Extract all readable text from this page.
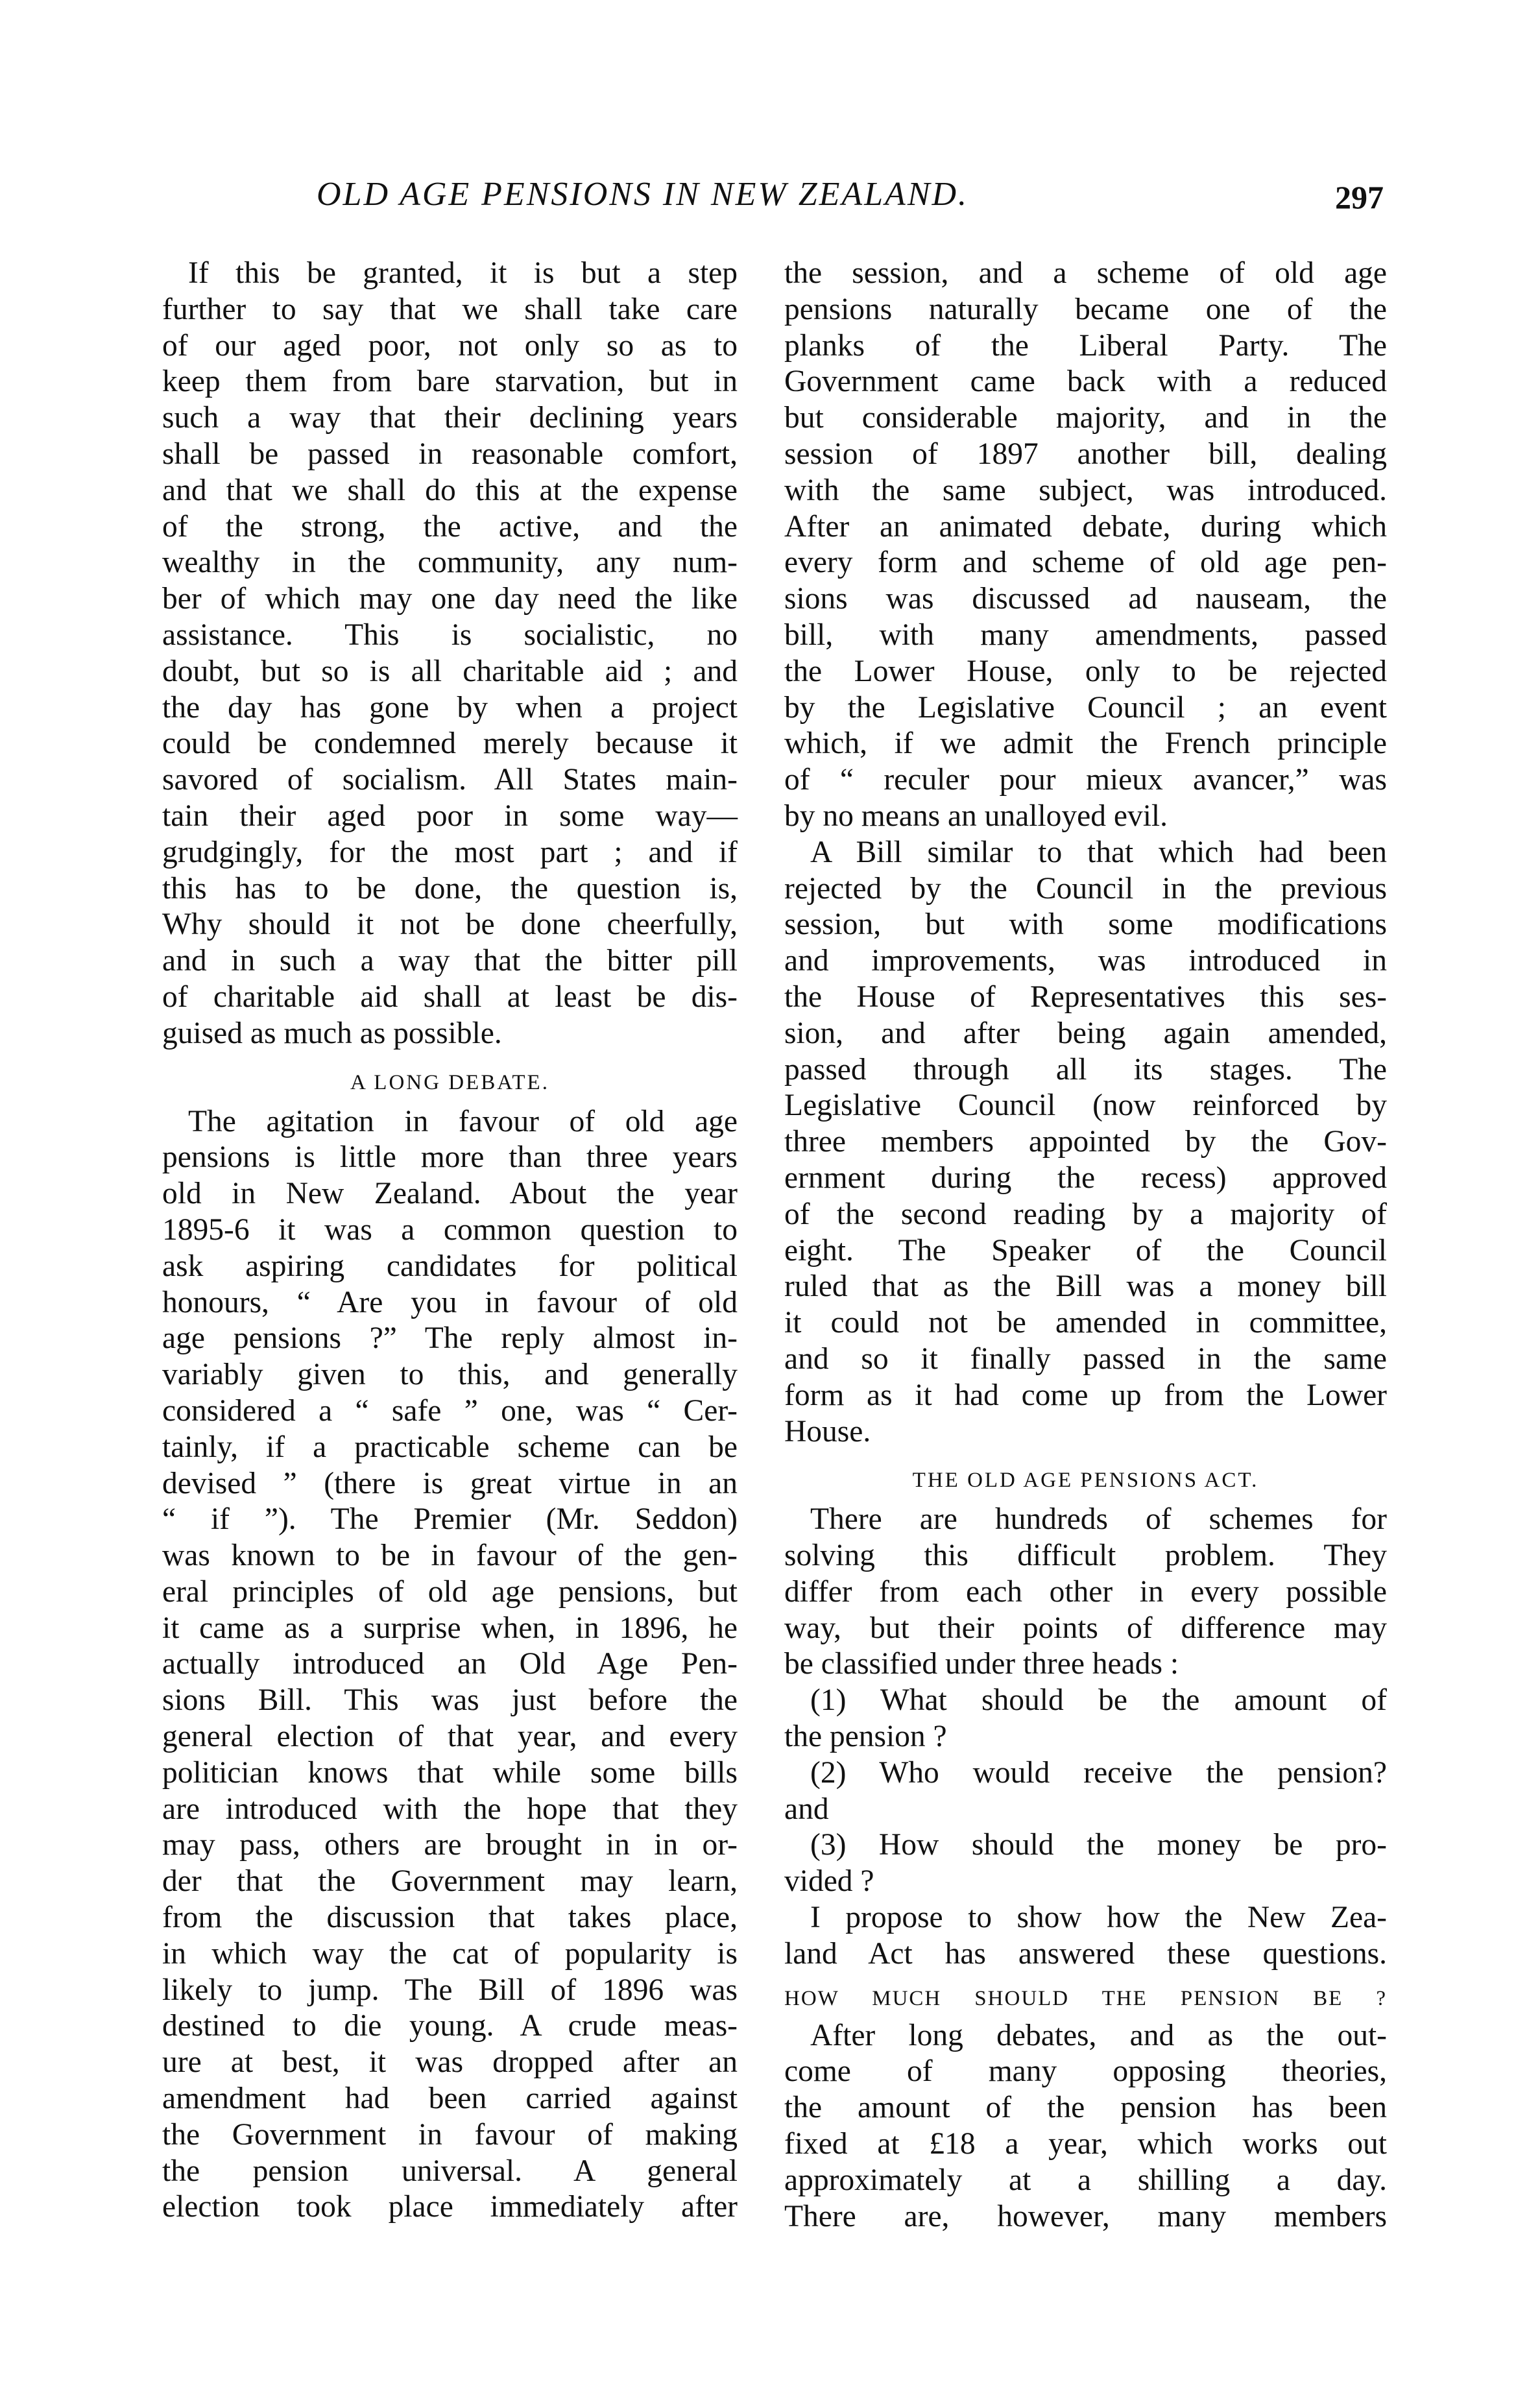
OLD AGE PENSIONS IN NEW ZEALAND.	297
If this be granted, it is but a step
further to say that we shall take care
of our aged poor, not only so as to
keep them from bare starvation, but in
such a way that their declining years
shall be passed in reasonable comfort,
and that we shall do this at the expense
of the strong, the active, and the
wealthy in the community, any num-
ber of which may one day need the like
assistance. This is socialistic, no
doubt, but so is all charitable aid ; and
the day has gone by when a project
could be condemned merely because it
savored of socialism. All States main-
tain their aged poor in some way—
grudgingly, for the most part ; and if
this has to be done, the question is,
Why should it not be done cheerfully,
and in such a way that the bitter pill
of charitable aid shall at least be dis-
guised as much as possible.
A LONG DEBATE.
The agitation in favour of old age
pensions is little more than three years
old in New Zealand. About the year
1895-6 it was a common question to
ask aspiring candidates for political
honours, “ Are you in favour of old
age pensions ?” The reply almost in-
variably given to this, and generally
considered a “ safe ” one, was “ Cer-
tainly, if a practicable scheme can be
devised ” (there is great virtue in an
“ if ”). The Premier (Mr. Seddon)
was known to be in favour of the gen-
eral principles of old age pensions, but
it came as a surprise when, in 1896, he
actually introduced an Old Age Pen-
sions Bill. This was just before the
general election of that year, and every
politician knows that while some bills
are introduced with the hope that they
may pass, others are brought in in or-
der that the Government may learn,
from the discussion that takes place,
in which way the cat of popularity is
likely to jump. The Bill of 1896 was
destined to die young. A crude meas-
ure at best, it was dropped after an
amendment had been carried against
the Government in favour of making
the pension universal. A general
election took place immediately after
the session, and a scheme of old age
pensions naturally became one of the
planks of the Liberal Party. The
Government came back with a reduced
but considerable majority, and in the
session of 1897 another bill, dealing
with the same subject, was introduced.
After an animated debate, during which
every form and scheme of old age pen-
sions was discussed ad nauseam, the
bill, with many amendments, passed
the Lower House, only to be rejected
by the Legislative Council ; an event
which, if we admit the French principle
of “ reculer pour mieux avancer,” was
by no means an unalloyed evil.
A Bill similar to that which had been
rejected by the Council in the previous
session, but with some modifications
and improvements, was introduced in
the House of Representatives this ses-
sion, and after being again amended,
passed through all its stages. The
Legislative Council (now reinforced by
three members appointed by the Gov-
ernment during the recess) approved
of the second reading by a majority of
eight. The Speaker of the Council
ruled that as the Bill was a money bill
it could not be amended in committee,
and so it finally passed in the same
form as it had come up from the Lower
House.
THE OLD AGE PENSIONS ACT.
There are hundreds of schemes for
solving this difficult problem. They
differ from each other in every possible
way, but their points of difference may
be classified under three heads :
(1) What should be the amount of
the pension ?
(2) Who would receive the pension?
and
(3) How should the money be pro-
vided ?
I propose to show how the New Zea-
land Act has answered these questions.
HOW MUCH SHOULD THE PENSION BE ?
After long debates, and as the out-
come of many opposing theories,
the amount of the pension has been
fixed at £18 a year, which works out
approximately at a shilling a day.
There are, however, many members
